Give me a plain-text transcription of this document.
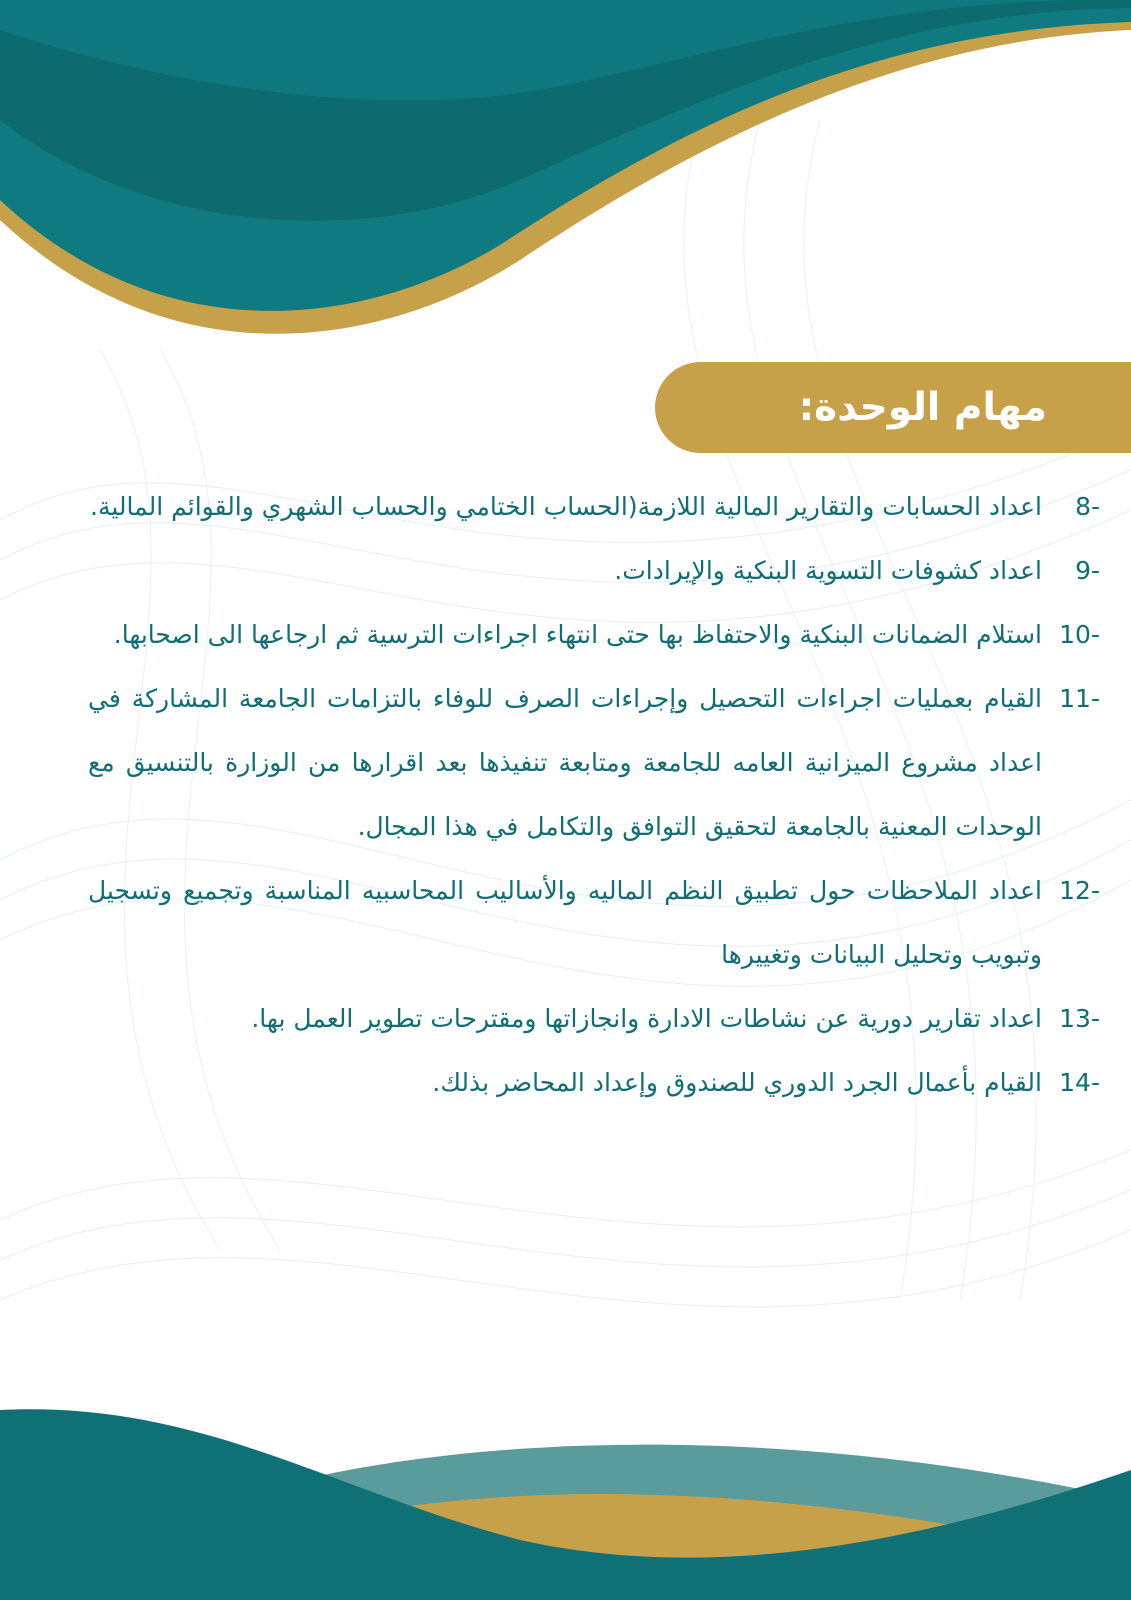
مهام الوحدة:
8-
اعداد الحسابات والتقارير المالية اللازمة(الحساب الختامي والحساب الشهري والقوائم المالية.
9-
اعداد كشوفات التسوية البنكية والإيرادات.
10-
استلام الضمانات البنكية والاحتفاظ بها حتى انتهاء اجراءات الترسية ثم ارجاعها الى اصحابها.
11-
القيام بعمليات اجراءات التحصيل وإجراءات الصرف للوفاء بالتزامات الجامعة المشاركة في اعداد مشروع الميزانية العامه للجامعة ومتابعة تنفيذها بعد اقرارها من الوزارة بالتنسيق مع الوحدات المعنية بالجامعة لتحقيق التوافق والتكامل في هذا المجال.
12-
اعداد الملاحظات حول تطبيق النظم الماليه والأساليب المحاسبيه المناسبة وتجميع وتسجيل وتبويب وتحليل البيانات وتغييرها
13-
اعداد تقارير دورية عن نشاطات الادارة وانجازاتها ومقترحات تطوير العمل بها.
14-
القيام بأعمال الجرد الدوري للصندوق وإعداد المحاضر بذلك.
